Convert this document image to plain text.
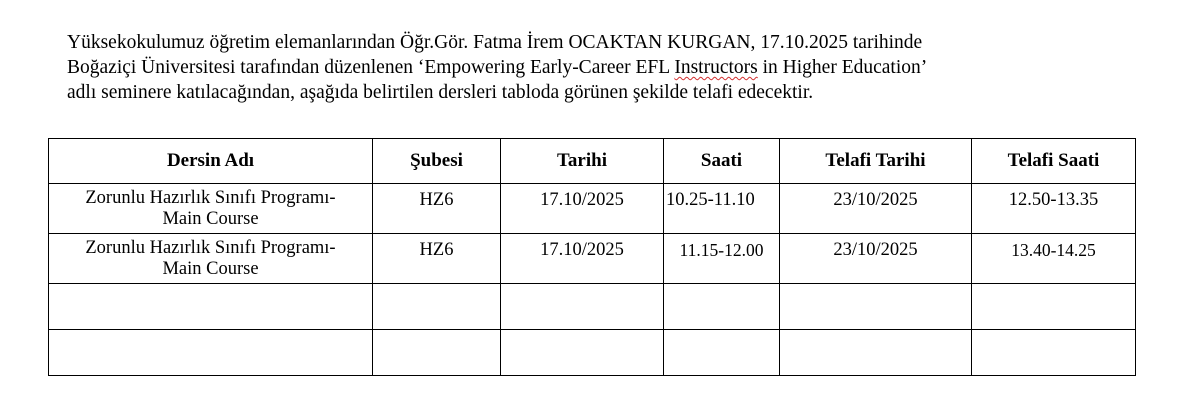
Yüksekokulumuz öğretim elemanlarından Öğr.Gör. Fatma İrem OCAKTAN KURGAN, 17.10.2025 tarihinde
Boğaziçi Üniversitesi tarafından düzenlenen ‘Empowering Early-Career EFL Instructors in Higher Education’
adlı seminere katılacağından, aşağıda belirtilen dersleri tabloda görünen şekilde telafi edecektir.
Dersin Adı	Şubesi	Tarihi	Saati	Telafi Tarihi	Telafi Saati

Zorunlu Hazırlık Sınıfı Programı-
Main Course	HZ6	17.10/2025	10.25-11.10	23/10/2025	12.50-13.35

Zorunlu Hazırlık Sınıfı Programı-
Main Course	HZ6	17.10/2025	11.15-12.00	23/10/2025	13.40-14.25
